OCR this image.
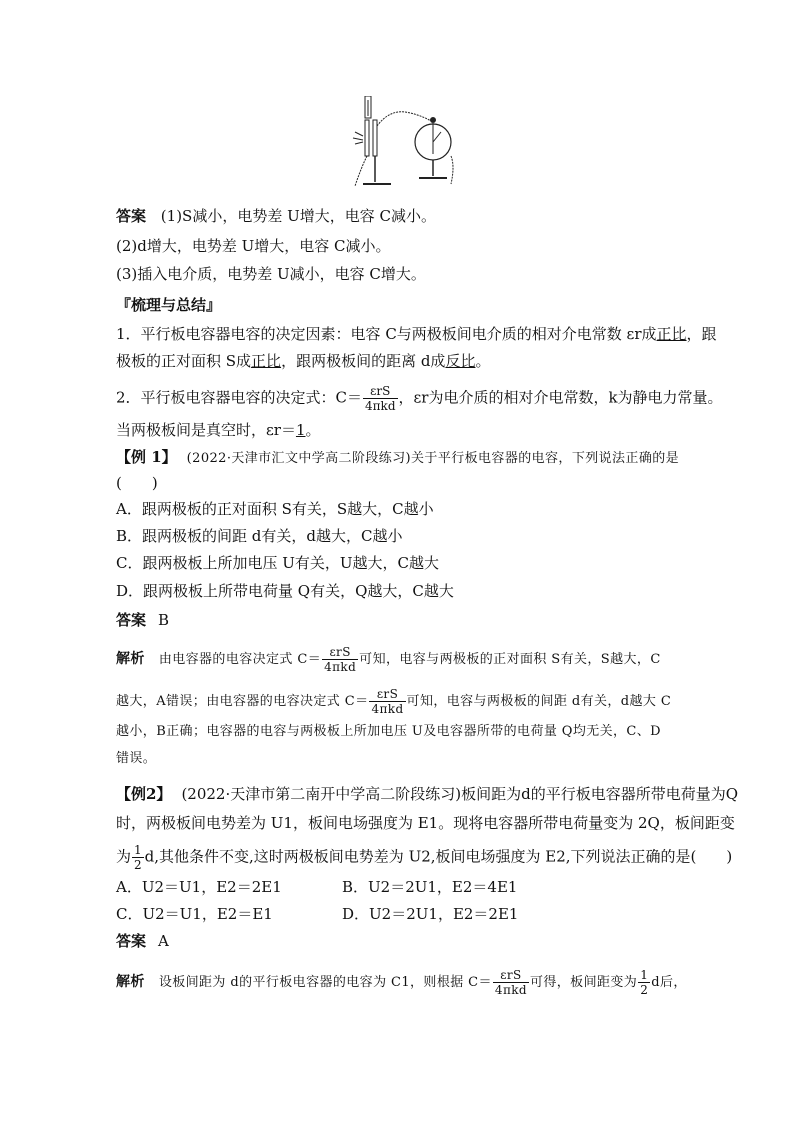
答案 (1)S减小，电势差 U增大，电容 C减小。
(2)d增大，电势差 U增大，电容 C减小。
(3)插入电介质，电势差 U减小，电容 C增大。
『梳理与总结』
1．平行板电容器电容的决定因素：电容 C与两极板间电介质的相对介电常数 εr成正比，跟
极板的正对面积 S成正比，跟两极板间的距离 d成反比。
2．平行板电容器电容的决定式：$C= \frac{\text{εrS}}{\text{4πkd}}$ ，εr为电介质的相对介电常数，k为静电力常量。
当两极板间是真空时，εr＝1。
【例 1】 (2022·天津市汇文中学高二阶段练习)关于平行板电容器的电容，下列说法正确的是
(　　)
A．跟两极板的正对面积 S有关，S越大，C越小
B．跟两极板的间距 d有关，d越大，C越小
C．跟两极板上所加电压 U有关，U越大，C越大
D．跟两极板上所带电荷量 Q有关，Q越大，C越大
答案 B
解析 由电容器的电容决定式 $C= \frac{\text{εrS}}{\text{4πkd}}$ 可知，电容与两极板的正对面积 S有关，S越大，C
越大，A错误；由电容器的电容决定式 $C= \frac{\text{εrS}}{\text{4πkd}}$ 可知，电容与两极板的间距 d有关，d越大 C
越小，B正确；电容器的电容与两极板上所加电压 U及电容器所带的电荷量 Q均无关，C、D
错误。
【例2】 (2022·天津市第二南开中学高二阶段练习)板间距为d的平行板电容器所带电荷量为Q
时，两极板间电势差为 U1，板间电场强度为 E1。现将电容器所带电荷量变为 2Q，板间距变
为 $\frac{1}{2} d$,其他条件不变,这时两极板间电势差为 U2,板间电场强度为 E2,下列说法正确的是(　　)
A．U2＝U1，E2＝2E1	B．U2＝2U1，E2＝4E1
C．U2＝U1，E2＝E1	D．U2＝2U1，E2＝2E1
答案 A
解析 设板间距为 d的平行板电容器的电容为 C1，则根据 $C= \frac{\text{εrS}}{\text{4πkd}}$ 可得，板间距变为 $\frac{1}{2}$ d后，
